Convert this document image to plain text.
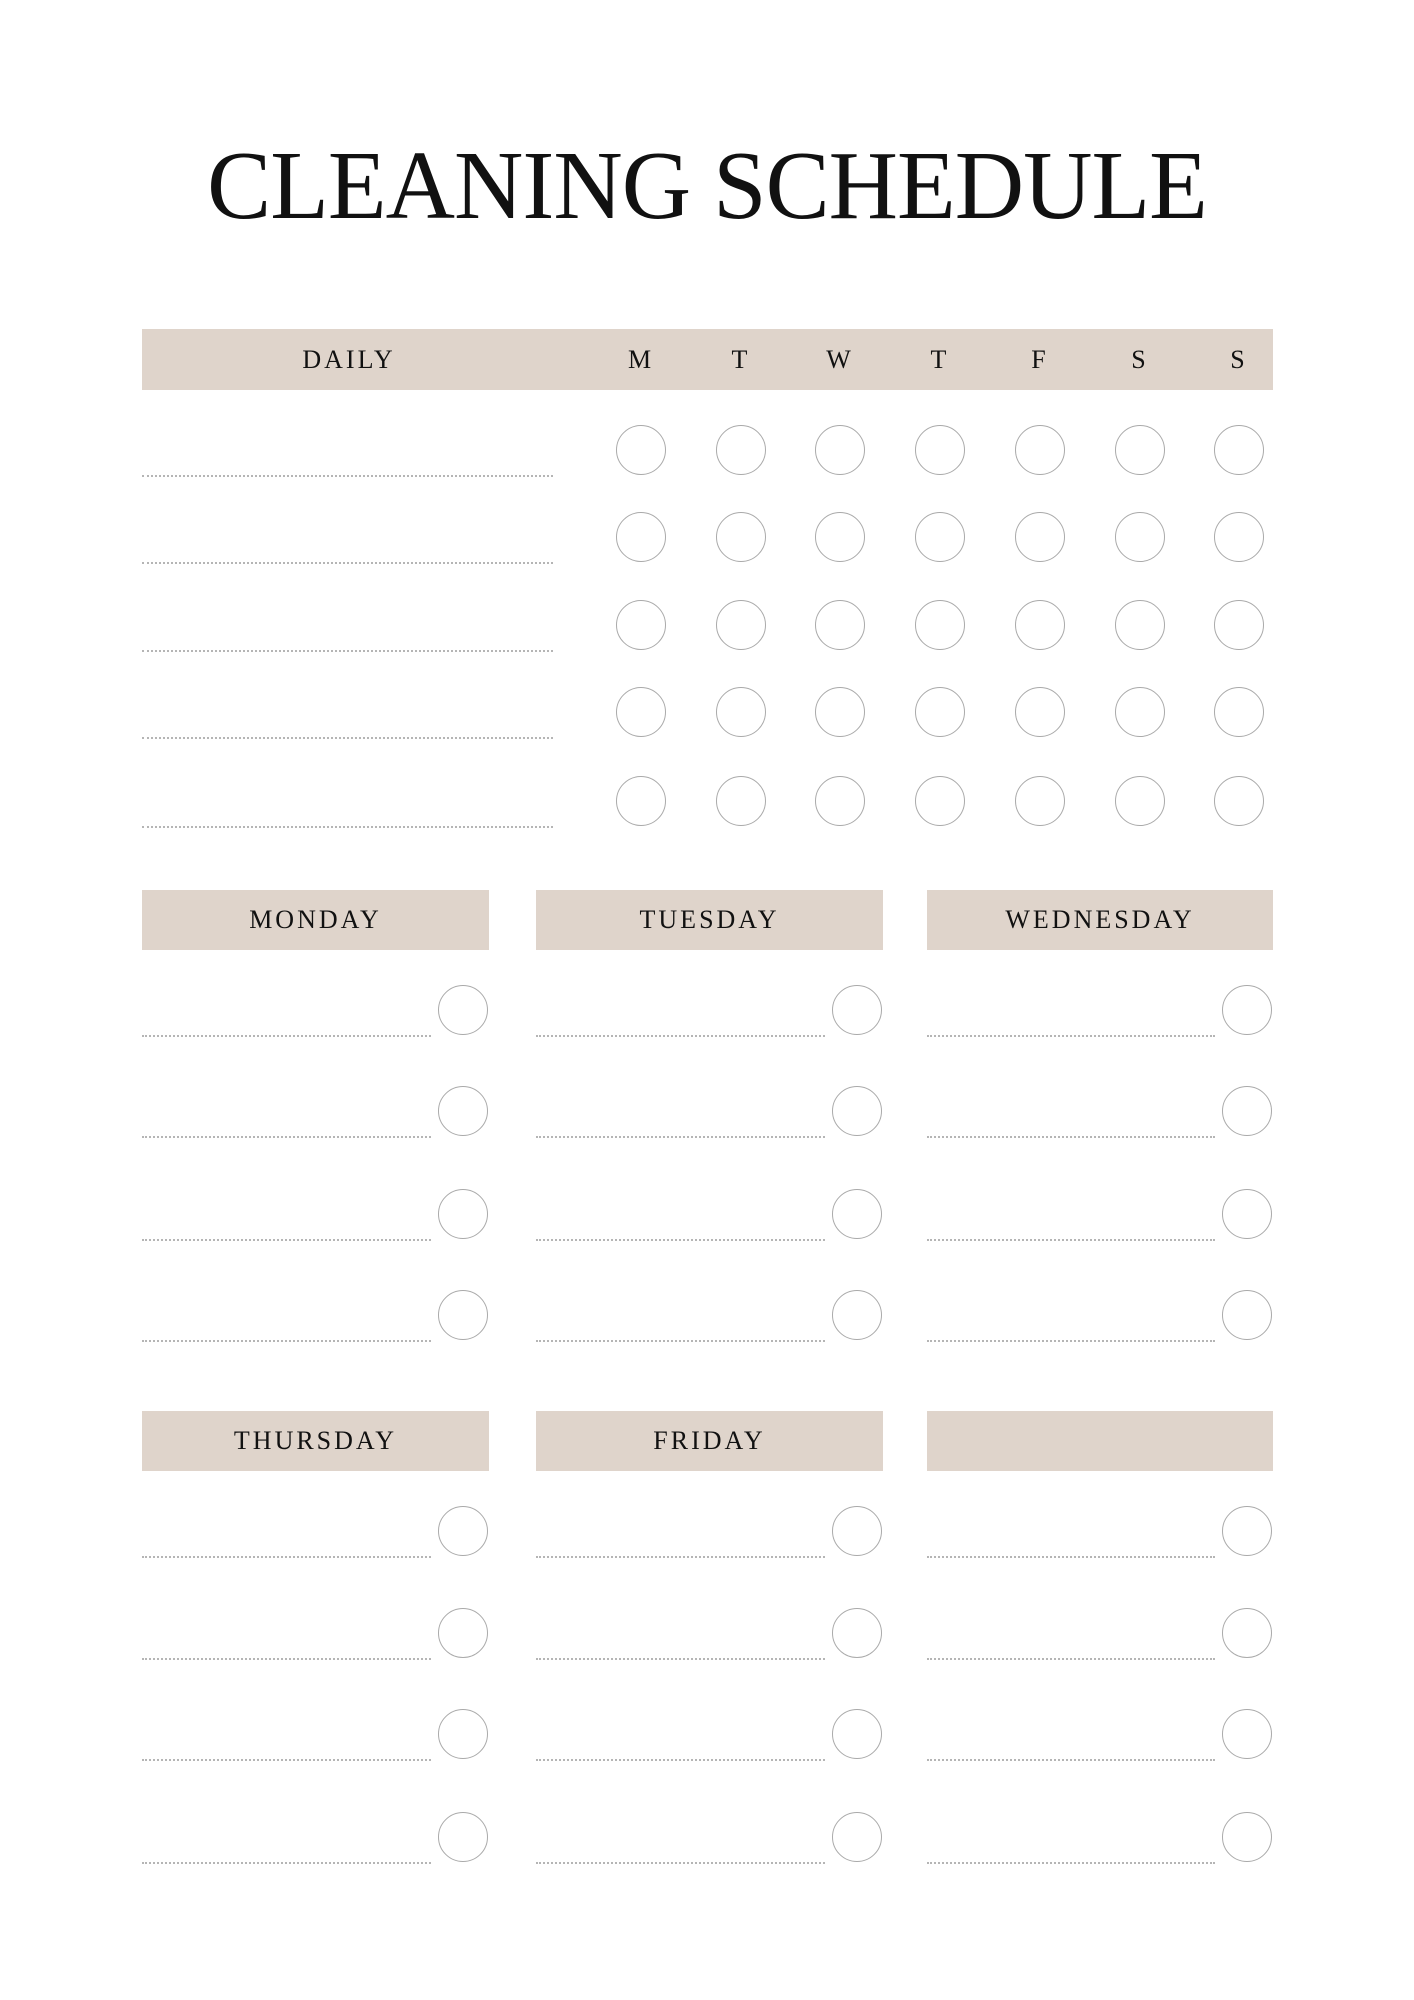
CLEANING SCHEDULE
DAILY	M	T	W	T	F	S	S
MONDAY	TUESDAY	WEDNESDAY
THURSDAY	FRIDAY
